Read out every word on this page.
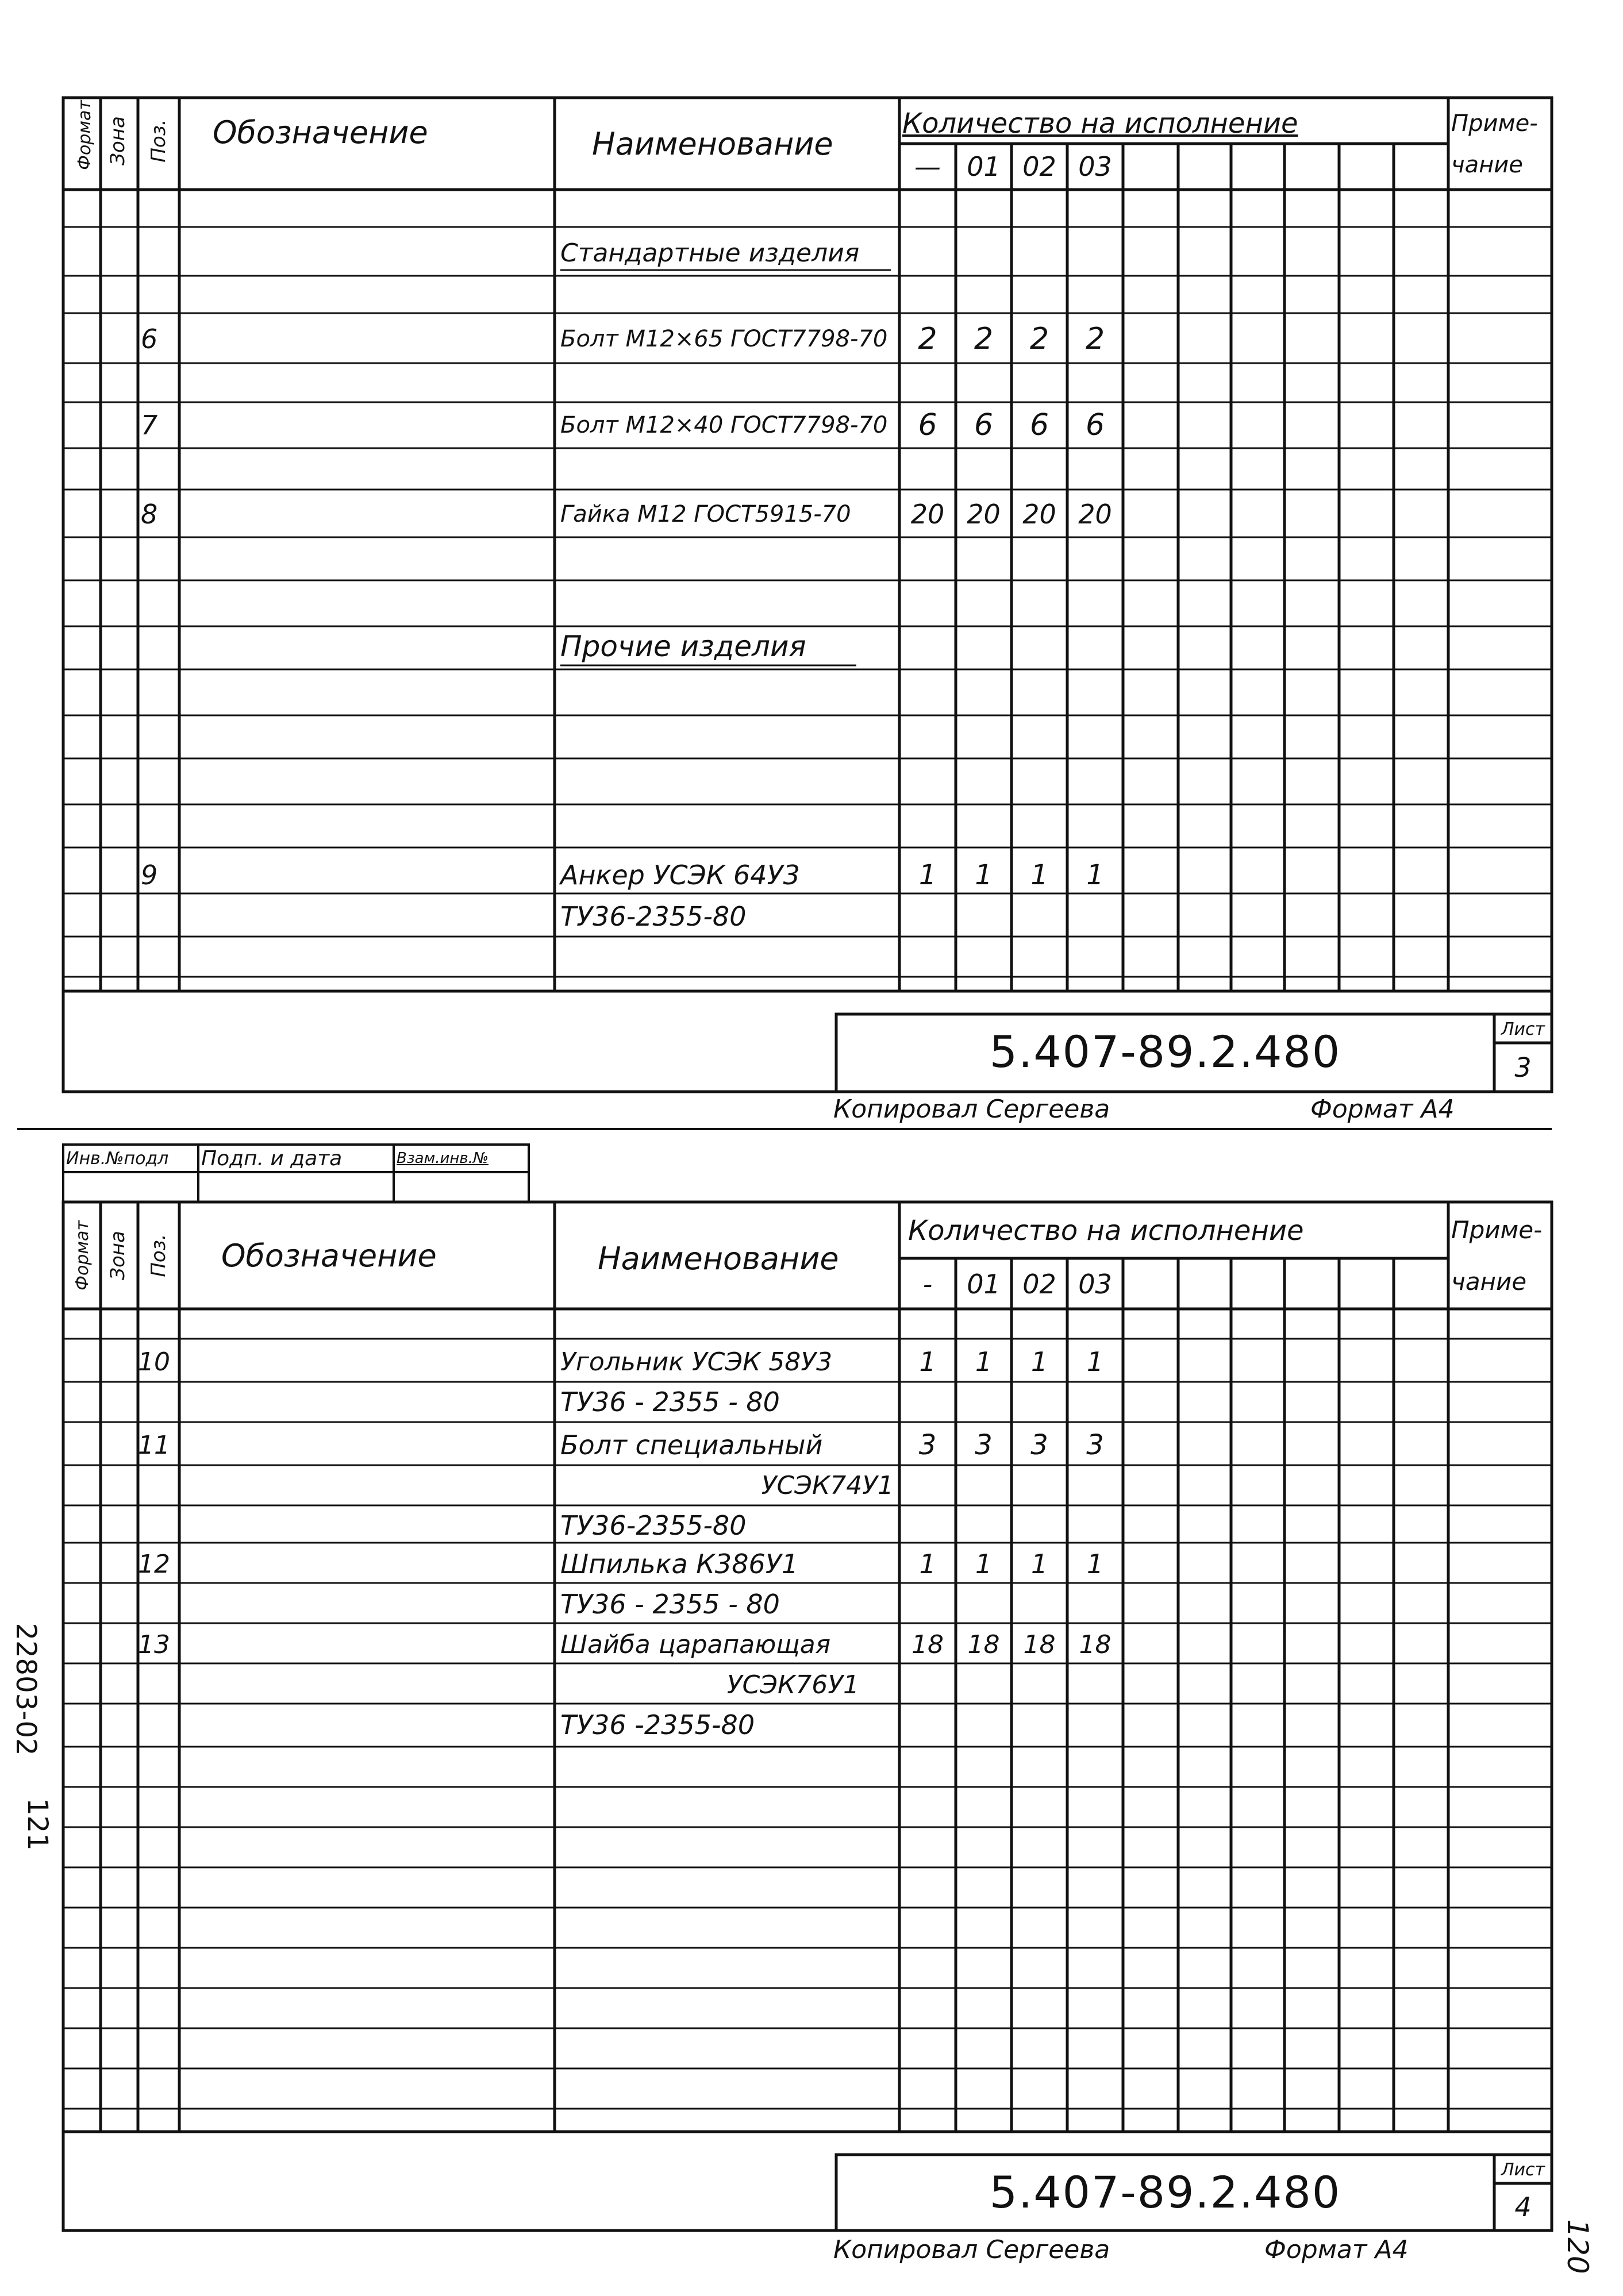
Формат Зона Поз. Обозначение	Наименование
Количество на исполнение	Приме-
чание
— 01 02 03
Стандартные изделия
6	Болт М12×65 ГОСТ7798-70	2	2	2	2
7	Болт М12×40 ГОСТ7798-70	6	6	6	6
8	Гайка М12 ГОСТ5915-70	20 20 20 20
Прочие изделия
9	Анкер УСЭК 64У3	1	1	1	1
ТУ36-2355-80
5.407-89.2.480	Лист
3
Копировал Сергеева	Формат А4
Инв.№подл	Подп. и дата	Взам.инв.№
Формат Зона Поз. Обозначение	Наименование
Количество на исполнение	Приме-
чание
-	01 02 03
10	Угольник УСЭК 58У3	1	1	1	1
ТУ36 - 2355 - 80
11	Болт специальный	3	3	3	3
УСЭК74У1
ТУ36-2355-80
12	Шпилька К386У1	1	1	1	1
ТУ36 - 2355 - 80
13	Шайба царапающая	18 18 18 18
УСЭК76У1
ТУ36 -2355-80
5.407-89.2.480	Лист
4
Копировал Сергеева	Формат А4
22803-02
121
120
